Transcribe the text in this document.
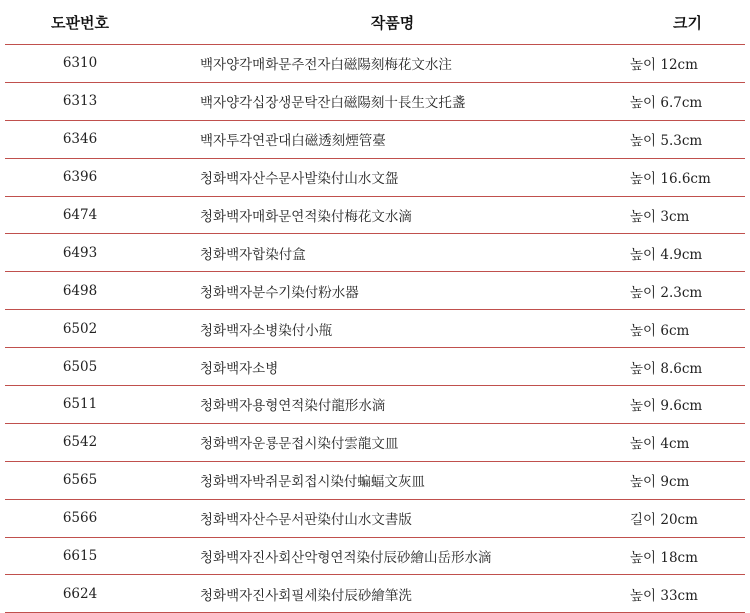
도판번호	작품명	크기
6310	백자양각매화문주전자白磁陽刻梅花文水注	높이 12cm
6313	백자양각십장생문탁잔白磁陽刻十長生文托盞	높이 6.7cm
6346	백자투각연관대白磁透刻煙管臺	높이 5.3cm
6396	청화백자산수문사발染付山水文盌	높이 16.6cm
6474	청화백자매화문연적染付梅花文水滴	높이 3cm
6493	청화백자합染付盒	높이 4.9cm
6498	청화백자분수기染付粉水器	높이 2.3cm
6502	청화백자소병染付小甁	높이 6cm
6505	청화백자소병	높이 8.6cm
6511	청화백자용형연적染付龍形水滴	높이 9.6cm
6542	청화백자운룡문접시染付雲龍文皿	높이 4cm
6565	청화백자박쥐문회접시染付蝙蝠文灰皿	높이 9cm
6566	청화백자산수문서판染付山水文書版	길이 20cm
6615	청화백자진사회산악형연적染付辰砂繪山岳形水滴	높이 18cm
6624	청화백자진사회필세染付辰砂繪筆洗	높이 33cm
